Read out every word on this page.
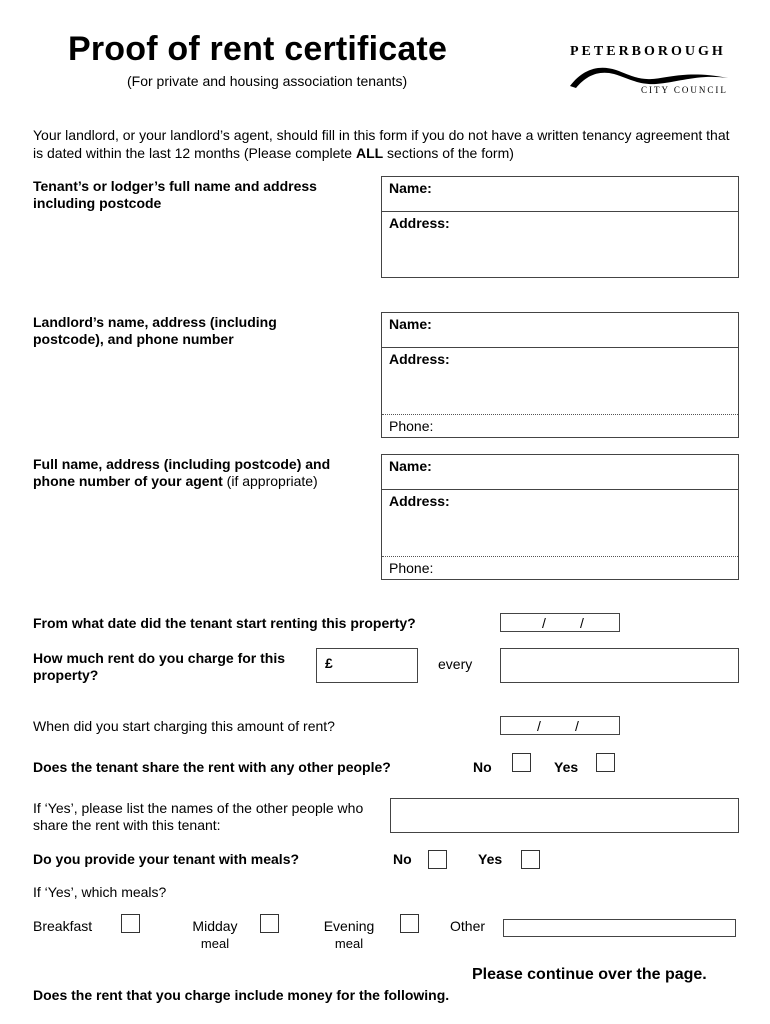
Proof of rent certificate
(For private and housing association tenants)
PETERBOROUGH
CITY COUNCIL
Your landlord, or your landlord’s agent, should fill in this form if you do not have a written tenancy agreement that is dated within the last 12 months (Please complete ALL sections of the form)
Tenant’s or lodger’s full name and address including postcode
Name:
Address:
Landlord’s name, address (including postcode), and phone number
Name:
Address:
Phone:
Full name, address (including postcode) and phone number of your agent (if appropriate)
Name:
Address:
Phone:
From what date did the tenant start renting this property?	/ /
How much rent do you charge for this property?
£	every
When did you start charging this amount of rent?	/ /
Does the tenant share the rent with any other people?	No	Yes
If ‘Yes’, please list the names of the other people who share the rent with this tenant:
Do you provide your tenant with meals?	No	Yes
If ‘Yes’, which meals?
Breakfast	Midday
meal
Evening
meal
Other
Please continue over the page.
Does the rent that you charge include money for the following.
